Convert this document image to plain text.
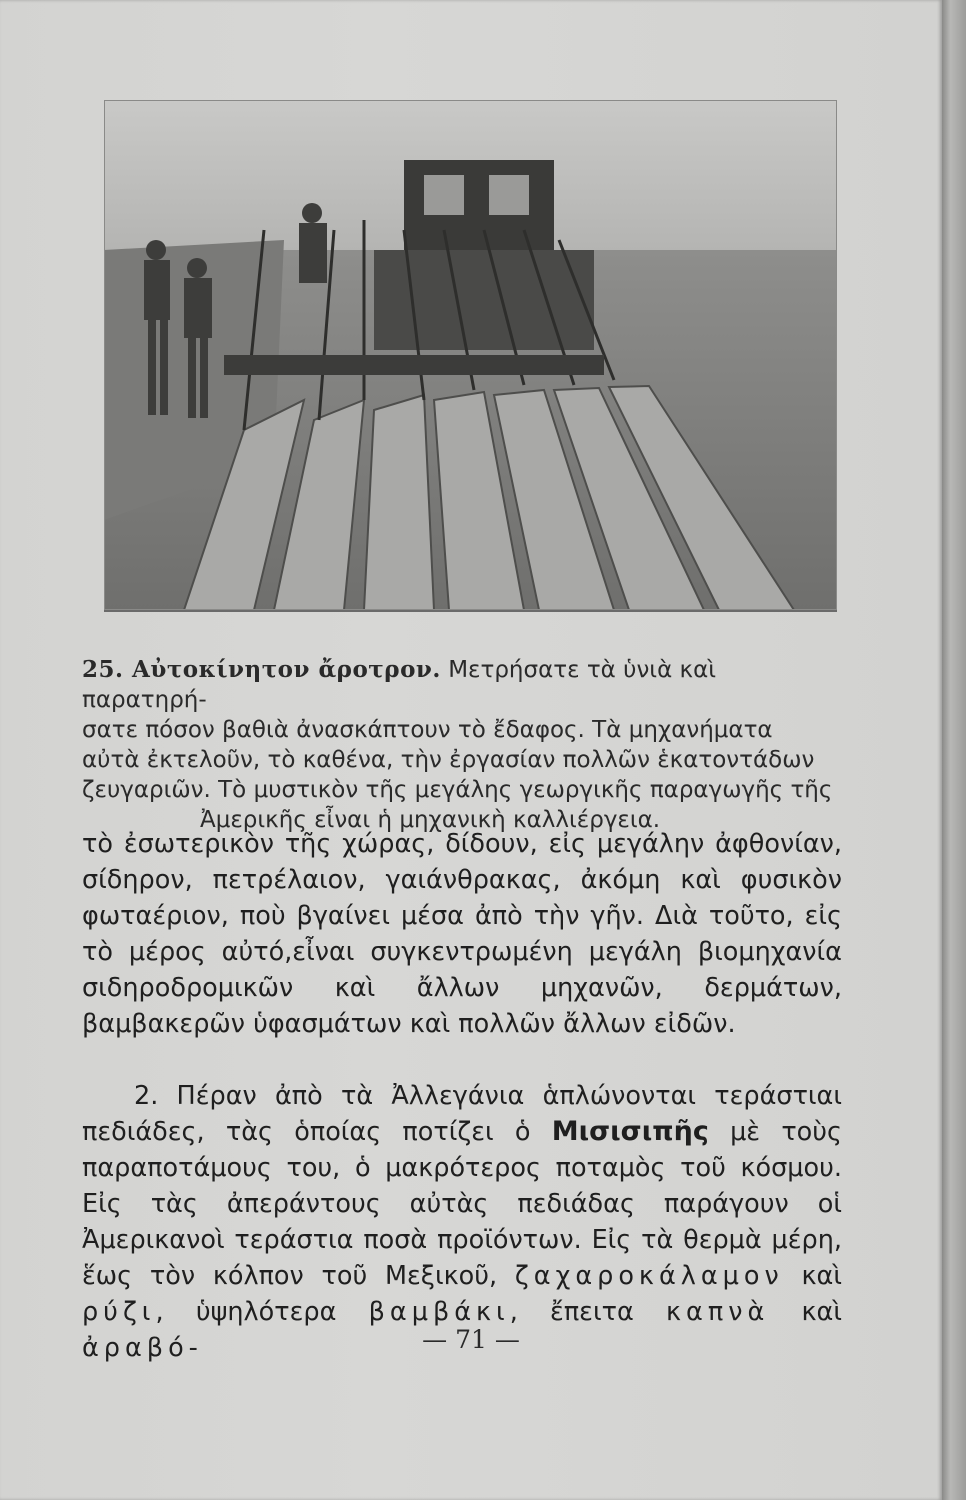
25. Αὐτοκίνητον ἄροτρον. Μετρήσατε τὰ ὑνιὰ καὶ παρατηρή-
σατε πόσον βαθιὰ ἀνασκάπτουν τὸ ἔδαφος. Τὰ μηχανήματα
αὐτὰ ἐκτελοῦν, τὸ καθένα, τὴν ἐργασίαν πολλῶν ἑκατοντάδων
ζευγαριῶν. Τὸ μυστικὸν τῆς μεγάλης γεωργικῆς παραγωγῆς τῆς

Ἀμερικῆς εἶναι ἡ μηχανικὴ καλλιέργεια.

τὸ ἐσωτερικὸν τῆς χώρας, δίδουν, εἰς μεγάλην ἀφθονίαν, σίδηρον, πετρέλαιον, γαιάνθρακας, ἀκόμη καὶ φυσικὸν φωταέριον, ποὺ βγαίνει μέσα ἀπὸ τὴν γῆν. Διὰ τοῦτο, εἰς τὸ μέρος αὐτό,εἶναι συγκεντρωμένη μεγάλη βιομηχανία σιδηροδρομικῶν καὶ ἄλλων μηχανῶν, δερμάτων, βαμβακερῶν ὑφασμάτων καὶ πολλῶν ἄλλων εἰδῶν.

2. Πέραν ἀπὸ τὰ Ἀλλεγάνια ἁπλώνονται τεράστιαι πεδιάδες, τὰς ὁποίας ποτίζει ὁ Μισισιπῆς μὲ τοὺς παραποτάμους του, ὁ μακρότερος ποταμὸς τοῦ κόσμου. Εἰς τὰς ἀπεράντους αὐτὰς πεδιάδας παράγουν οἱ Ἀμερικανοὶ τεράστια ποσὰ προϊόντων. Εἰς τὰ θερμὰ μέρη, ἕως τὸν κόλπον τοῦ Μεξικοῦ, ζαχαροκάλαμον καὶ ρύζι, ὑψηλότερα βαμβάκι, ἔπειτα καπνὰ καὶ ἀραβό-	— 71 —
